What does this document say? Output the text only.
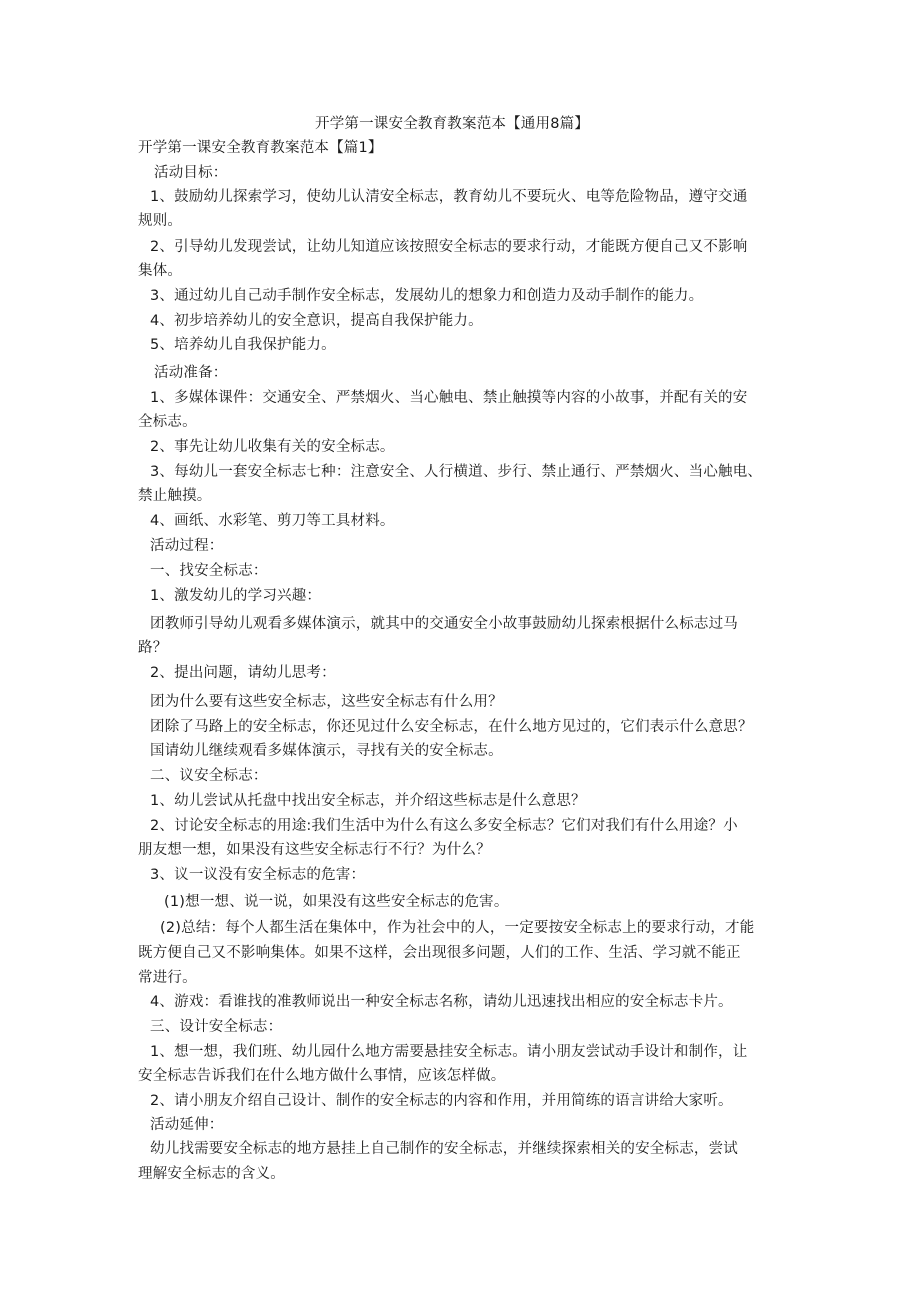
开学第一课安全教育教案范本【通用8篇】
开学第一课安全教育教案范本【篇1】
活动目标：
1、鼓励幼儿探索学习，使幼儿认清安全标志，教育幼儿不要玩火、电等危险物品，遵守交通
规则。
2、引导幼儿发现尝试，让幼儿知道应该按照安全标志的要求行动，才能既方便自己又不影响
集体。
3、通过幼儿自己动手制作安全标志，发展幼儿的想象力和创造力及动手制作的能力。
4、初步培养幼儿的安全意识，提高自我保护能力。
5、培养幼儿自我保护能力。
活动准备：
1、多媒体课件：交通安全、严禁烟火、当心触电、禁止触摸等内容的小故事，并配有关的安
全标志。
2、事先让幼儿收集有关的安全标志。
3、每幼儿一套安全标志七种：注意安全、人行横道、步行、禁止通行、严禁烟火、当心触电、
禁止触摸。
4、画纸、水彩笔、剪刀等工具材料。
活动过程：
一、找安全标志：
1、激发幼儿的学习兴趣：
团教师引导幼儿观看多媒体演示，就其中的交通安全小故事鼓励幼儿探索根据什么标志过马
路？
2、提出问题，请幼儿思考：
团为什么要有这些安全标志，这些安全标志有什么用？
团除了马路上的安全标志，你还见过什么安全标志，在什么地方见过的，它们表示什么意思？
国请幼儿继续观看多媒体演示，寻找有关的安全标志。
二、议安全标志：
1、幼儿尝试从托盘中找出安全标志，并介绍这些标志是什么意思？
2、讨论安全标志的用途:我们生活中为什么有这么多安全标志？它们对我们有什么用途？小
朋友想一想，如果没有这些安全标志行不行？为什么？
3、议一议没有安全标志的危害：
(1)想一想、说一说，如果没有这些安全标志的危害。
(2)总结：每个人都生活在集体中，作为社会中的人，一定要按安全标志上的要求行动，才能
既方便自己又不影响集体。如果不这样，会出现很多问题，人们的工作、生活、学习就不能正
常进行。
4、游戏：看谁找的准教师说出一种安全标志名称，请幼儿迅速找出相应的安全标志卡片。
三、设计安全标志：
1、想一想，我们班、幼儿园什么地方需要悬挂安全标志。请小朋友尝试动手设计和制作，让
安全标志告诉我们在什么地方做什么事情，应该怎样做。
2、请小朋友介绍自己设计、制作的安全标志的内容和作用，并用简练的语言讲给大家听。
活动延伸：
幼儿找需要安全标志的地方悬挂上自己制作的安全标志，并继续探索相关的安全标志，尝试
理解安全标志的含义。
